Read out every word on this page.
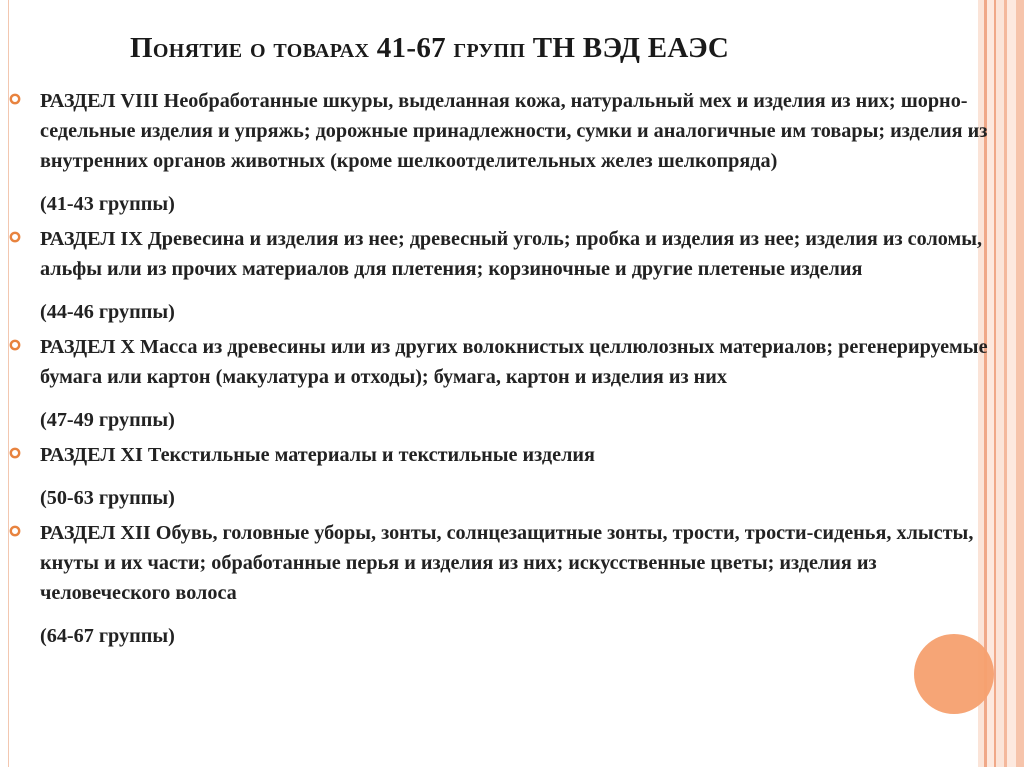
Понятие о товарах 41-67 групп ТН ВЭД ЕАЭС
РАЗДЕЛ VIII Необработанные шкуры, выделанная кожа, натуральный мех и изделия из них; шорно-седельные изделия и упряжь; дорожные принадлежности, сумки и аналогичные им товары; изделия из внутренних органов животных (кроме шелкоотделительных желез шелкопряда)
(41-43 группы)
РАЗДЕЛ IX Древесина и изделия из нее; древесный уголь; пробка и изделия из нее; изделия из соломы, альфы или из прочих материалов для плетения; корзиночные и другие плетеные изделия
(44-46 группы)
РАЗДЕЛ X Масса из древесины или из других волокнистых целлюлозных материалов; регенерируемые бумага или картон (макулатура и отходы); бумага, картон и изделия из них
(47-49 группы)
РАЗДЕЛ XI Текстильные материалы и текстильные изделия
(50-63 группы)
РАЗДЕЛ XII Обувь, головные уборы, зонты, солнцезащитные зонты, трости, трости-сиденья, хлысты, кнуты и их части; обработанные перья и изделия из них; искусственные цветы; изделия из человеческого волоса
(64-67 группы)
